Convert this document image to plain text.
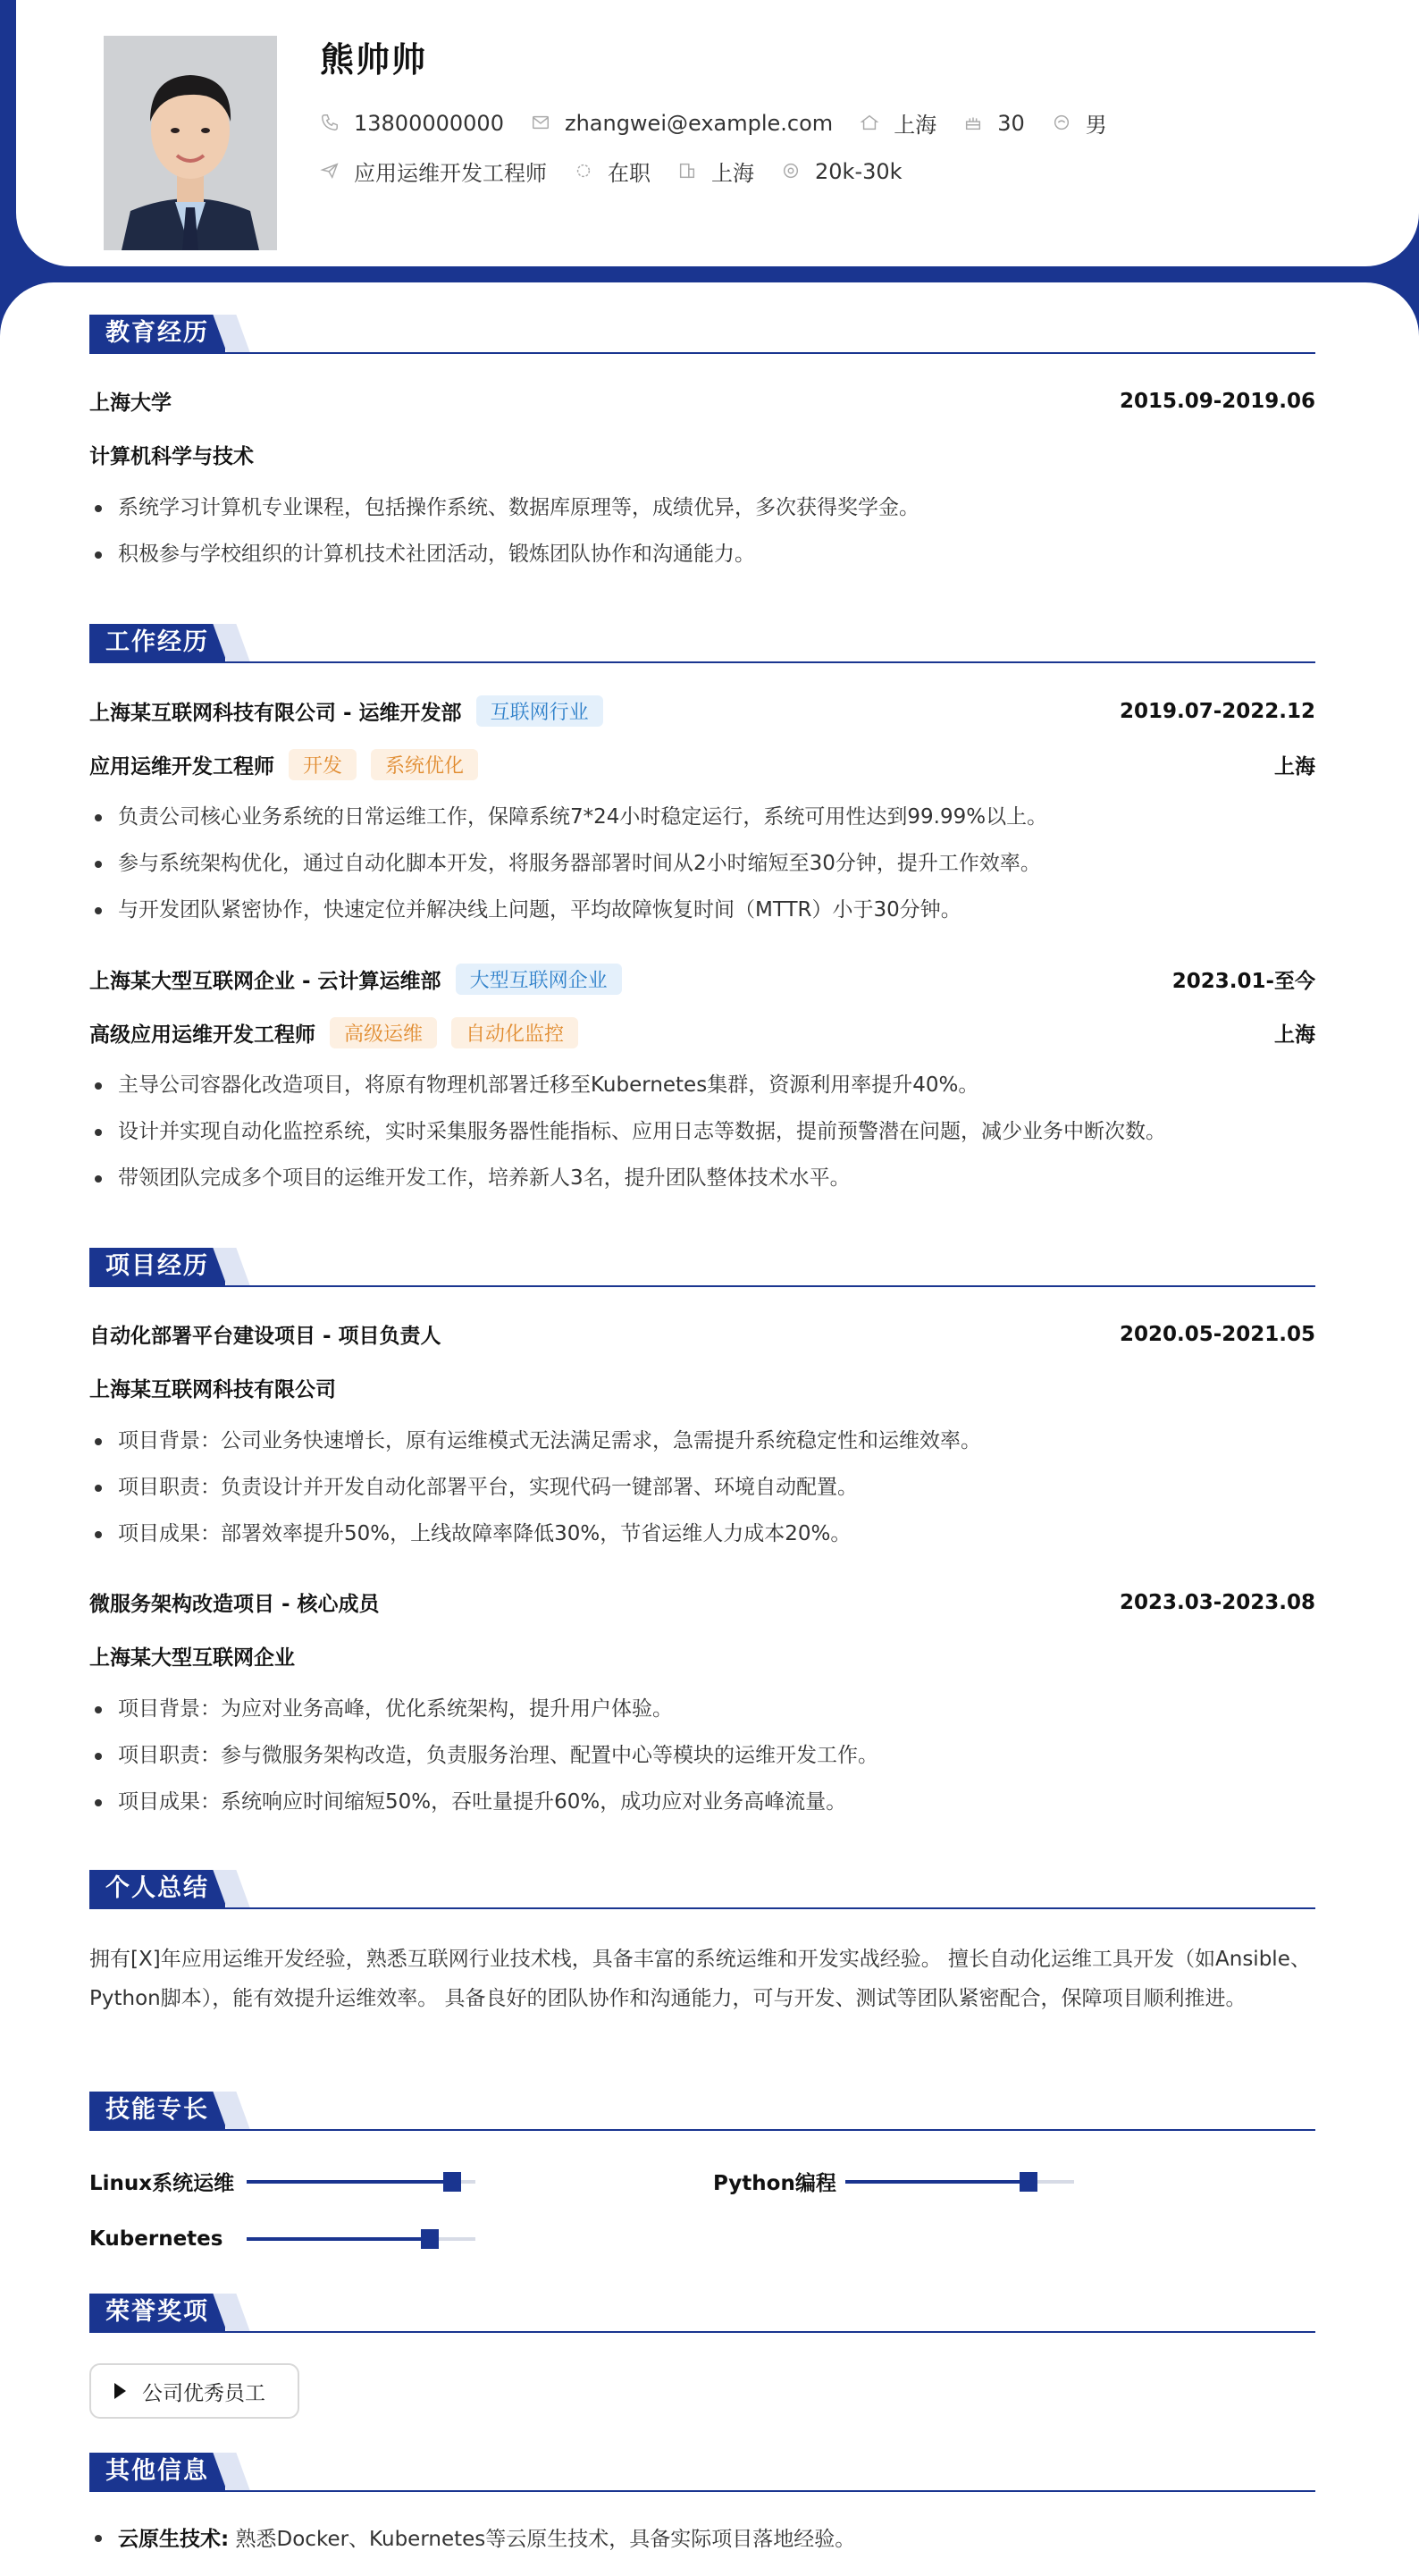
熊帅帅
13800000000	zhangwei@example.com	上海	30	男
应用运维开发工程师	在职	上海	20k-30k
教育经历
上海大学	2015.09-2019.06
计算机科学与技术
系统学习计算机专业课程，包括操作系统、数据库原理等，成绩优异，多次获得奖学金。
积极参与学校组织的计算机技术社团活动，锻炼团队协作和沟通能力。
工作经历
上海某互联网科技有限公司 - 运维开发部	互联网行业	2019.07-2022.12
应用运维开发工程师	开发	系统优化	上海
负责公司核心业务系统的日常运维工作，保障系统7*24小时稳定运行，系统可用性达到99.99%以上。
参与系统架构优化，通过自动化脚本开发，将服务器部署时间从2小时缩短至30分钟，提升工作效率。
与开发团队紧密协作，快速定位并解决线上问题，平均故障恢复时间（MTTR）小于30分钟。
上海某大型互联网企业 - 云计算运维部	大型互联网企业	2023.01-至今
高级应用运维开发工程师	高级运维	自动化监控	上海
主导公司容器化改造项目，将原有物理机部署迁移至Kubernetes集群，资源利用率提升40%。
设计并实现自动化监控系统，实时采集服务器性能指标、应用日志等数据，提前预警潜在问题，减少业务中断次数。
带领团队完成多个项目的运维开发工作，培养新人3名，提升团队整体技术水平。
项目经历
自动化部署平台建设项目 - 项目负责人	2020.05-2021.05
上海某互联网科技有限公司
项目背景：公司业务快速增长，原有运维模式无法满足需求，急需提升系统稳定性和运维效率。
项目职责：负责设计并开发自动化部署平台，实现代码一键部署、环境自动配置。
项目成果：部署效率提升50%，上线故障率降低30%，节省运维人力成本20%。
微服务架构改造项目 - 核心成员	2023.03-2023.08
上海某大型互联网企业
项目背景：为应对业务高峰，优化系统架构，提升用户体验。
项目职责：参与微服务架构改造，负责服务治理、配置中心等模块的运维开发工作。
项目成果：系统响应时间缩短50%，吞吐量提升60%，成功应对业务高峰流量。
个人总结
拥有[X]年应用运维开发经验，熟悉互联网行业技术栈，具备丰富的系统运维和开发实战经验。 擅长自动化运维工具开发（如Ansible、Python脚本），能有效提升运维效率。 具备良好的团队协作和沟通能力，可与开发、测试等团队紧密配合，保障项目顺利推进。
技能专长
Linux系统运维	Python编程
Kubernetes
荣誉奖项
公司优秀员工
其他信息
云原生技术: 熟悉Docker、Kubernetes等云原生技术，具备实际项目落地经验。
